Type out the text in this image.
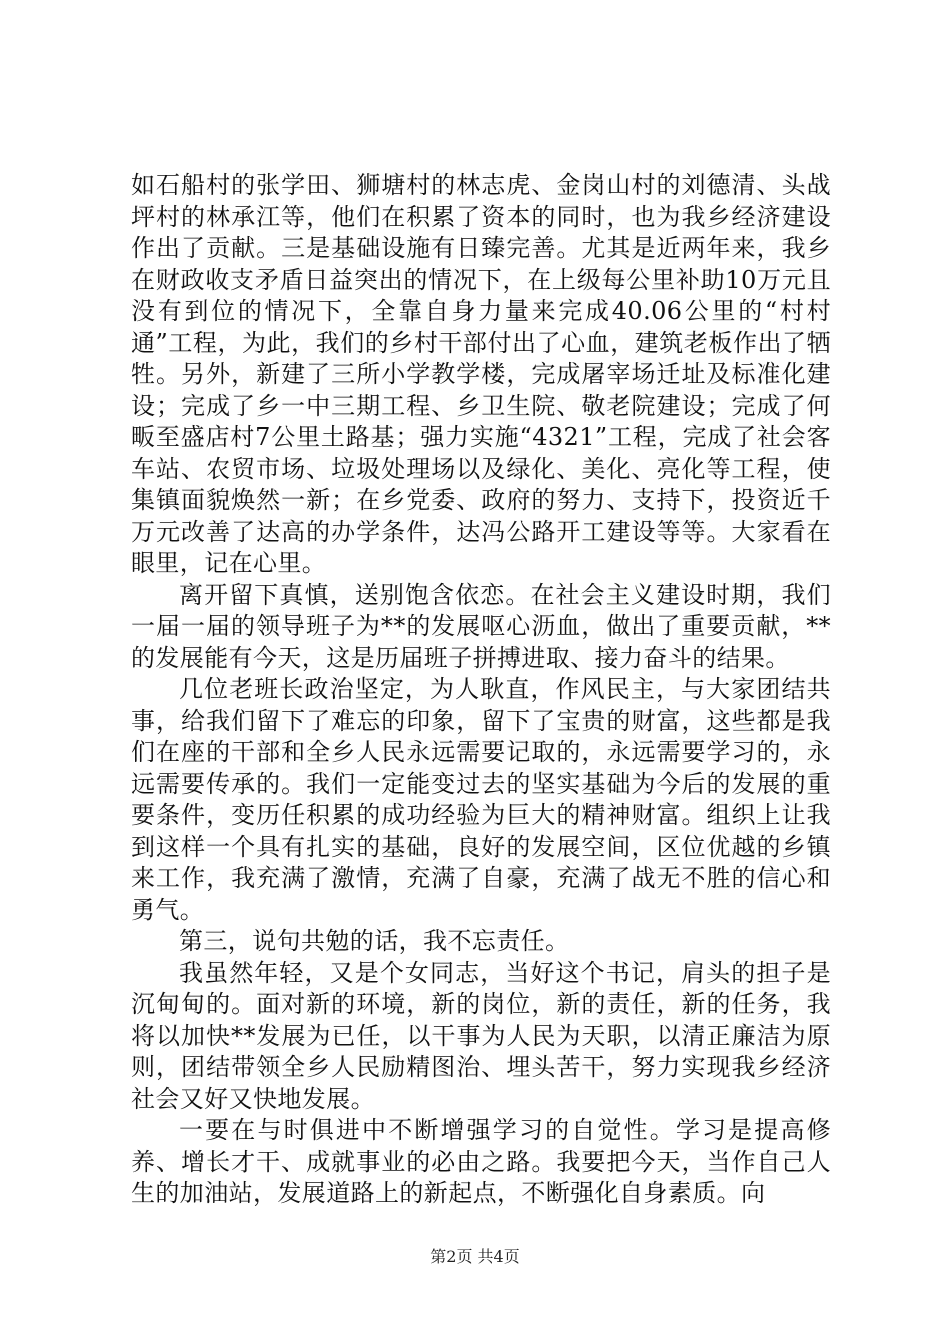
如石船村的张学田、狮塘村的林志虎、金岗山村的刘德清、头战坪村的林承江等，他们在积累了资本的同时，也为我乡经济建设作出了贡献。三是基础设施有日臻完善。尤其是近两年来，我乡在财政收支矛盾日益突出的情况下，在上级每公里补助10万元且没有到位的情况下，全靠自身力量来完成40.06公里的“村村通”工程，为此，我们的乡村干部付出了心血，建筑老板作出了牺牲。另外，新建了三所小学教学楼，完成屠宰场迁址及标准化建设；完成了乡一中三期工程、乡卫生院、敬老院建设；完成了何畈至盛店村7公里土路基；强力实施“4321”工程，完成了社会客车站、农贸市场、垃圾处理场以及绿化、美化、亮化等工程，使集镇面貌焕然一新；在乡党委、政府的努力、支持下，投资近千万元改善了达高的办学条件，达冯公路开工建设等等。大家看在眼里，记在心里。

离开留下真慎，送别饱含依恋。在社会主义建设时期，我们一届一届的领导班子为**的发展呕心沥血，做出了重要贡献，**的发展能有今天，这是历届班子拼搏进取、接力奋斗的结果。

几位老班长政治坚定，为人耿直，作风民主，与大家团结共事，给我们留下了难忘的印象，留下了宝贵的财富，这些都是我们在座的干部和全乡人民永远需要记取的，永远需要学习的，永远需要传承的。我们一定能变过去的坚实基础为今后的发展的重要条件，变历任积累的成功经验为巨大的精神财富。组织上让我到这样一个具有扎实的基础，良好的发展空间，区位优越的乡镇来工作，我充满了激情，充满了自豪，充满了战无不胜的信心和勇气。

第三，说句共勉的话，我不忘责任。

我虽然年轻，又是个女同志，当好这个书记，肩头的担子是沉甸甸的。面对新的环境，新的岗位，新的责任，新的任务，我将以加快**发展为已任，以干事为人民为天职，以清正廉洁为原则，团结带领全乡人民励精图治、埋头苦干，努力实现我乡经济社会又好又快地发展。

一要在与时俱进中不断增强学习的自觉性。学习是提高修养、增长才干、成就事业的必由之路。我要把今天，当作自己人生的加油站，发展道路上的新起点，不断强化自身素质。向

第2页 共4页
